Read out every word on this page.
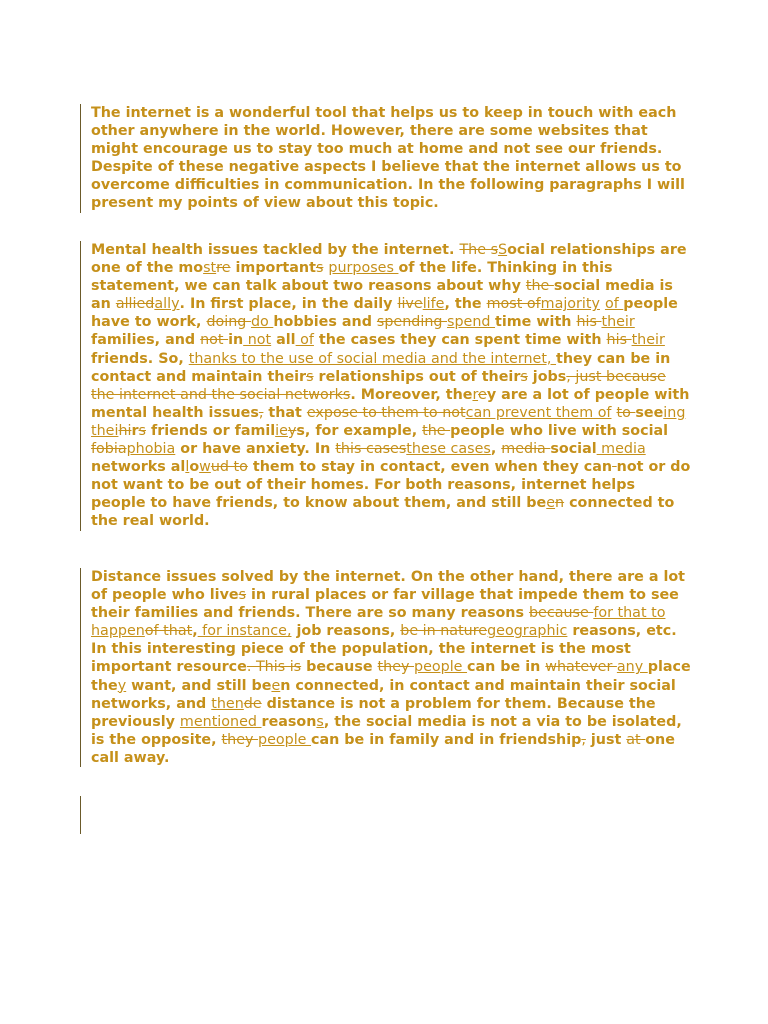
The internet is a wonderful tool that helps us to keep in touch with each other anywhere in the world. However, there are some websites that might encourage us to stay too much at home and not see our friends. Despite of these negative aspects I believe that the internet allows us to overcome difficulties in communication. In the following paragraphs I will present my points of view about this topic.
Mental health issues tackled by the internet. The sSocial relationships are one of the mostre importants purposes of the life. Thinking in this statement, we can talk about two reasons about why the social media is an alliedally. In first place, in the daily livelife, the most ofmajority of people have to work, doing do hobbies and spending spend time with his their families, and not in not all of the cases they can spent time with his their friends. So, thanks to the use of social media and the internet, they can be in contact and maintain theirs relationships out of theirs jobs, just because the internet and the social networks. Moreover, therey are a lot of people with mental health issues, that expose to them to notcan prevent them of to seeing theihirs friends or familieys, for example, the people who live with social fobiaphobia or have anxiety. In this casesthese cases, media social media networks allowud to them to stay in contact, even when they can not or do not want to be out of their homes. For both reasons, internet helps people to have friends, to know about them, and still been connected to the real world.
Distance issues solved by the internet. On the other hand, there are a lot of people who lives in rural places or far village that impede them to see their families and friends. There are so many reasons because for that to happenof that, for instance, job reasons, be in naturegeographic reasons, etc. In this interesting piece of the population, the internet is the most important resource. This is because they people can be in whatever any place they want, and still been connected, in contact and maintain their social networks, and thende distance is not a problem for them. Because the previously mentioned reasons, the social media is not a via to be isolated, is the opposite, they people can be in family and in friendship, just at one call away.
